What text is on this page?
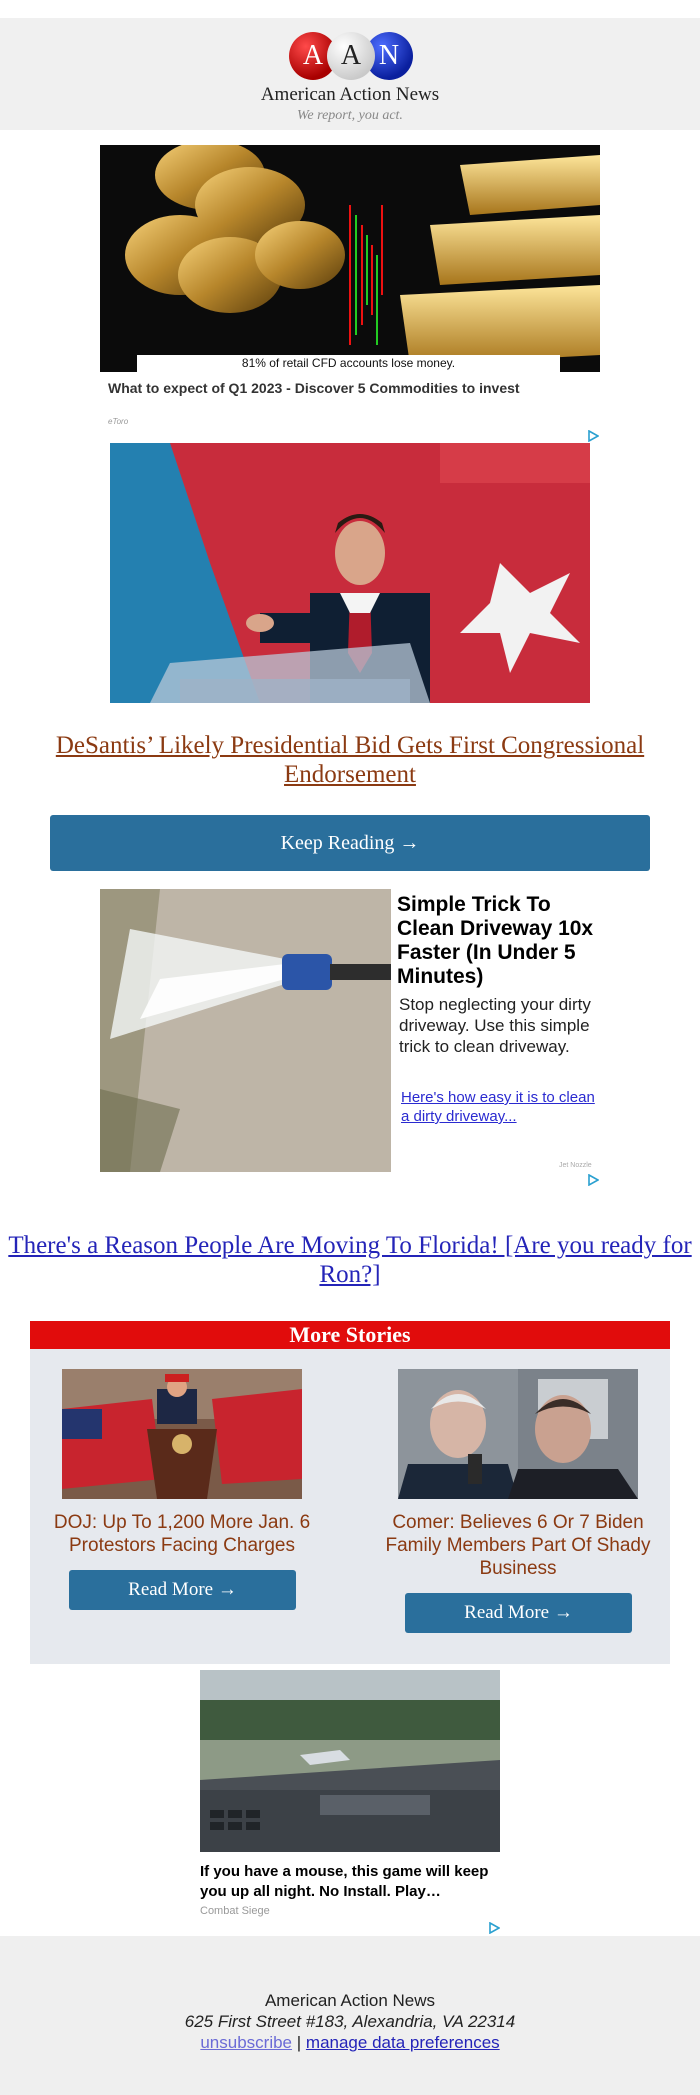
A A N
American Action News
We report, you act.
81% of retail CFD accounts lose money.
What to expect of Q1 2023 - Discover 5 Commodities to invest
eToro
DeSantis’ Likely Presidential Bid Gets First Congressional Endorsement
Keep Reading →
Simple Trick To Clean Driveway 10x Faster (In Under 5 Minutes)
Stop neglecting your dirty driveway. Use this simple trick to clean driveway.
Here's how easy it is to clean a dirty driveway...
Jet Nozzle
There's a Reason People Are Moving To Florida! [Are you ready for Ron?]
More Stories
DOJ: Up To 1,200 More Jan. 6 Protestors Facing Charges
Read More →
Comer: Believes 6 Or 7 Biden Family Members Part Of Shady Business
Read More →
If you have a mouse, this game will keep you up all night. No Install. Play…
Combat Siege
American Action News
625 First Street #183, Alexandria, VA 22314
unsubscribe | manage data preferences
